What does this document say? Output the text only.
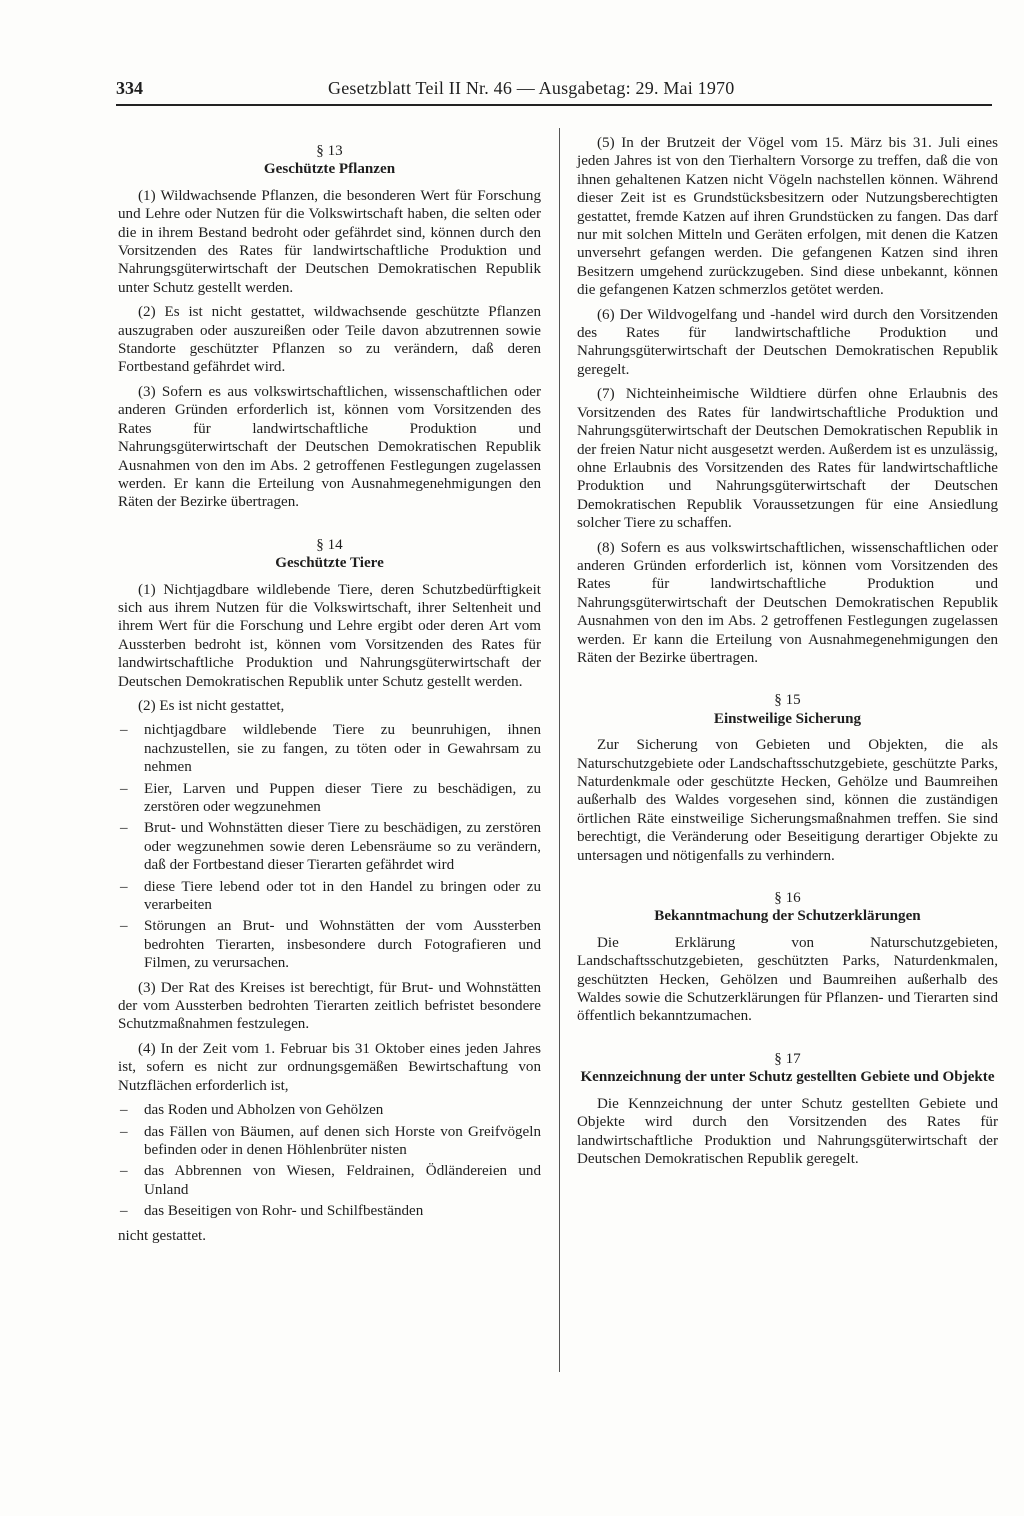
334	Gesetzblatt Teil II Nr. 46 — Ausgabetag: 29. Mai 1970
§ 13
Geschützte Pflanzen

(1) Wildwachsende Pflanzen, die besonderen Wert für Forschung und Lehre oder Nutzen für die Volkswirtschaft haben, die selten oder die in ihrem Bestand bedroht oder gefährdet sind, können durch den Vorsitzenden des Rates für landwirtschaftliche Produktion und Nahrungsgüterwirtschaft der Deutschen Demokratischen Republik unter Schutz gestellt werden.

(2) Es ist nicht gestattet, wildwachsende geschützte Pflanzen auszugraben oder auszureißen oder Teile davon abzutrennen sowie Standorte geschützter Pflanzen so zu verändern, daß deren Fortbestand gefährdet wird.

(3) Sofern es aus volkswirtschaftlichen, wissenschaftlichen oder anderen Gründen erforderlich ist, können vom Vorsitzenden des Rates für landwirtschaftliche Produktion und Nahrungsgüterwirtschaft der Deutschen Demokratischen Republik Ausnahmen von den im Abs. 2 getroffenen Festlegungen zugelassen werden. Er kann die Erteilung von Ausnahmegenehmigungen den Räten der Bezirke übertragen.

§ 14
Geschützte Tiere

(1) Nichtjagdbare wildlebende Tiere, deren Schutzbedürftigkeit sich aus ihrem Nutzen für die Volkswirtschaft, ihrer Seltenheit und ihrem Wert für die Forschung und Lehre ergibt oder deren Art vom Aussterben bedroht ist, können vom Vorsitzenden des Rates für landwirtschaftliche Produktion und Nahrungsgüterwirtschaft der Deutschen Demokratischen Republik unter Schutz gestellt werden.

(2) Es ist nicht gestattet,

– nichtjagdbare wildlebende Tiere zu beunruhigen, ihnen nachzustellen, sie zu fangen, zu töten oder in Gewahrsam zu nehmen
– Eier, Larven und Puppen dieser Tiere zu beschädigen, zu zerstören oder wegzunehmen
– Brut- und Wohnstätten dieser Tiere zu beschädigen, zu zerstören oder wegzunehmen sowie deren Lebensräume so zu verändern, daß der Fortbestand dieser Tierarten gefährdet wird
– diese Tiere lebend oder tot in den Handel zu bringen oder zu verarbeiten
– Störungen an Brut- und Wohnstätten der vom Aussterben bedrohten Tierarten, insbesondere durch Fotografieren und Filmen, zu verursachen.

(3) Der Rat des Kreises ist berechtigt, für Brut- und Wohnstätten der vom Aussterben bedrohten Tierarten zeitlich befristet besondere Schutzmaßnahmen festzulegen.

(4) In der Zeit vom 1. Februar bis 31 Oktober eines jeden Jahres ist, sofern es nicht zur ordnungsgemäßen Bewirtschaftung von Nutzflächen erforderlich ist,

– das Roden und Abholzen von Gehölzen
– das Fällen von Bäumen, auf denen sich Horste von Greifvögeln befinden oder in denen Höhlenbrüter nisten
– das Abbrennen von Wiesen, Feldrainen, Ödländereien und Unland
– das Beseitigen von Rohr- und Schilfbeständen

nicht gestattet.

(5) In der Brutzeit der Vögel vom 15. März bis 31. Juli eines jeden Jahres ist von den Tierhaltern Vorsorge zu treffen, daß die von ihnen gehaltenen Katzen nicht Vögeln nachstellen können. Während dieser Zeit ist es Grundstücksbesitzern oder Nutzungsberechtigten gestattet, fremde Katzen auf ihren Grundstücken zu fangen. Das darf nur mit solchen Mitteln und Geräten erfolgen, mit denen die Katzen unversehrt gefangen werden. Die gefangenen Katzen sind ihren Besitzern umgehend zurückzugeben. Sind diese unbekannt, können die gefangenen Katzen schmerzlos getötet werden.

(6) Der Wildvogelfang und -handel wird durch den Vorsitzenden des Rates für landwirtschaftliche Produktion und Nahrungsgüterwirtschaft der Deutschen Demokratischen Republik geregelt.

(7) Nichteinheimische Wildtiere dürfen ohne Erlaubnis des Vorsitzenden des Rates für landwirtschaftliche Produktion und Nahrungsgüterwirtschaft der Deutschen Demokratischen Republik in der freien Natur nicht ausgesetzt werden. Außerdem ist es unzulässig, ohne Erlaubnis des Vorsitzenden des Rates für landwirtschaftliche Produktion und Nahrungsgüterwirtschaft der Deutschen Demokratischen Republik Voraussetzungen für eine Ansiedlung solcher Tiere zu schaffen.

(8) Sofern es aus volkswirtschaftlichen, wissenschaftlichen oder anderen Gründen erforderlich ist, können vom Vorsitzenden des Rates für landwirtschaftliche Produktion und Nahrungsgüterwirtschaft der Deutschen Demokratischen Republik Ausnahmen von den im Abs. 2 getroffenen Festlegungen zugelassen werden. Er kann die Erteilung von Ausnahmegenehmigungen den Räten der Bezirke übertragen.

§ 15
Einstweilige Sicherung

Zur Sicherung von Gebieten und Objekten, die als Naturschutzgebiete oder Landschaftsschutzgebiete, geschützte Parks, Naturdenkmale oder geschützte Hecken, Gehölze und Baumreihen außerhalb des Waldes vorgesehen sind, können die zuständigen örtlichen Räte einstweilige Sicherungsmaßnahmen treffen. Sie sind berechtigt, die Veränderung oder Beseitigung derartiger Objekte zu untersagen und nötigenfalls zu verhindern.

§ 16
Bekanntmachung der Schutzerklärungen

Die Erklärung von Naturschutzgebieten, Landschaftsschutzgebieten, geschützten Parks, Naturdenkmalen, geschützten Hecken, Gehölzen und Baumreihen außerhalb des Waldes sowie die Schutzerklärungen für Pflanzen- und Tierarten sind öffentlich bekanntzumachen.

§ 17
Kennzeichnung der unter Schutz gestellten Gebiete und Objekte

Die Kennzeichnung der unter Schutz gestellten Gebiete und Objekte wird durch den Vorsitzenden des Rates für landwirtschaftliche Produktion und Nahrungsgüterwirtschaft der Deutschen Demokratischen Republik geregelt.
